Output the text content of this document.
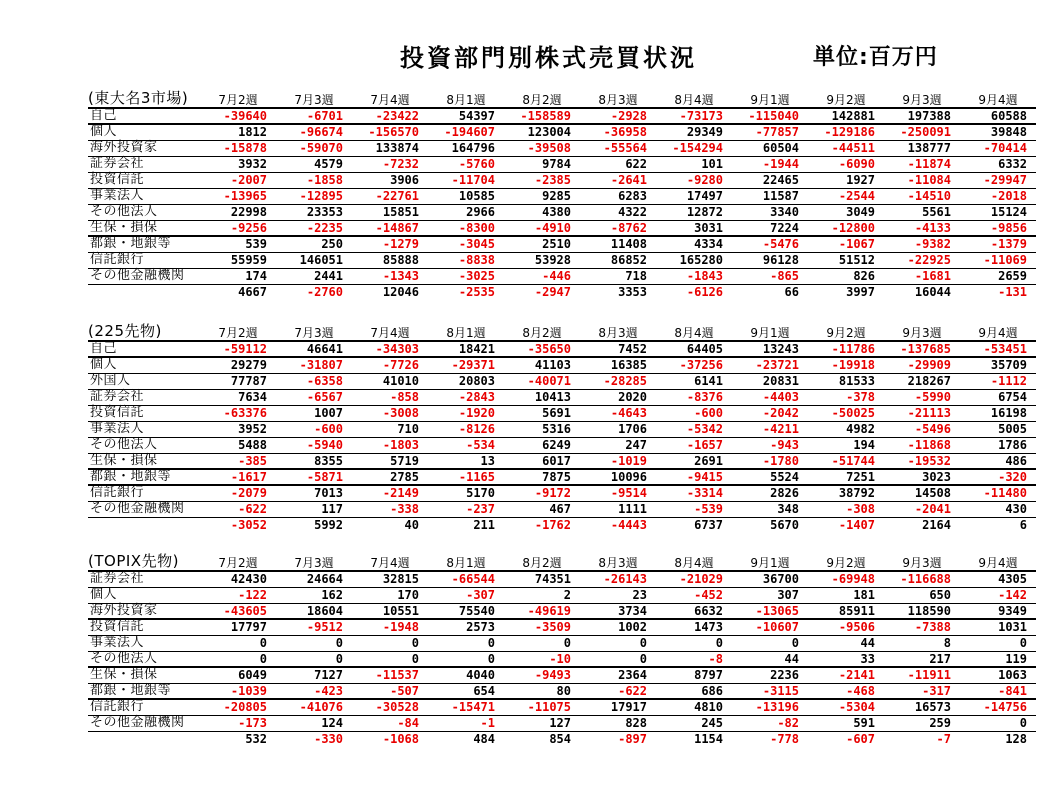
投資部門別株式売買状況	単位:百万円
(東大名3市場)	7月2週	7月3週	7月4週	8月1週	8月2週	8月3週	8月4週	9月1週	9月2週	9月3週	9月4週
自己	-39640	-6701	-23422	54397	-158589	-2928	-73173	-115040	142881	197388	60588
個人	1812	-96674	-156570	-194607	123004	-36958	29349	-77857	-129186	-250091	39848
海外投資家	-15878	-59070	133874	164796	-39508	-55564	-154294	60504	-44511	138777	-70414
証券会社	3932	4579	-7232	-5760	9784	622	101	-1944	-6090	-11874	6332
投資信託	-2007	-1858	3906	-11704	-2385	-2641	-9280	22465	1927	-11084	-29947
事業法人	-13965	-12895	-22761	10585	9285	6283	17497	11587	-2544	-14510	-2018
その他法人	22998	23353	15851	2966	4380	4322	12872	3340	3049	5561	15124
生保・損保	-9256	-2235	-14867	-8300	-4910	-8762	3031	7224	-12800	-4133	-9856
都銀・地銀等	539	250	-1279	-3045	2510	11408	4334	-5476	-1067	-9382	-1379
信託銀行	55959	146051	85888	-8838	53928	86852	165280	96128	51512	-22925	-11069
その他金融機関	174	2441	-1343	-3025	-446	718	-1843	-865	826	-1681	2659
	4667	-2760	12046	-2535	-2947	3353	-6126	66	3997	16044	-131
(225先物)	7月2週	7月3週	7月4週	8月1週	8月2週	8月3週	8月4週	9月1週	9月2週	9月3週	9月4週
自己	-59112	46641	-34303	18421	-35650	7452	64405	13243	-11786	-137685	-53451
個人	29279	-31807	-7726	-29371	41103	16385	-37256	-23721	-19918	-29909	35709
外国人	77787	-6358	41010	20803	-40071	-28285	6141	20831	81533	218267	-1112
証券会社	7634	-6567	-858	-2843	10413	2020	-8376	-4403	-378	-5990	6754
投資信託	-63376	1007	-3008	-1920	5691	-4643	-600	-2042	-50025	-21113	16198
事業法人	3952	-600	710	-8126	5316	1706	-5342	-4211	4982	-5496	5005
その他法人	5488	-5940	-1803	-534	6249	247	-1657	-943	194	-11868	1786
生保・損保	-385	8355	5719	13	6017	-1019	2691	-1780	-51744	-19532	486
都銀・地銀等	-1617	-5871	2785	-1165	7875	10096	-9415	5524	7251	3023	-320
信託銀行	-2079	7013	-2149	5170	-9172	-9514	-3314	2826	38792	14508	-11480
その他金融機関	-622	117	-338	-237	467	1111	-539	348	-308	-2041	430
	-3052	5992	40	211	-1762	-4443	6737	5670	-1407	2164	6
(TOPIX先物)	7月2週	7月3週	7月4週	8月1週	8月2週	8月3週	8月4週	9月1週	9月2週	9月3週	9月4週
証券会社	42430	24664	32815	-66544	74351	-26143	-21029	36700	-69948	-116688	4305
個人	-122	162	170	-307	2	23	-452	307	181	650	-142
海外投資家	-43605	18604	10551	75540	-49619	3734	6632	-13065	85911	118590	9349
投資信託	17797	-9512	-1948	2573	-3509	1002	1473	-10607	-9506	-7388	1031
事業法人	0	0	0	0	0	0	0	0	44	8	0
その他法人	0	0	0	0	-10	0	-8	44	33	217	119
生保・損保	6049	7127	-11537	4040	-9493	2364	8797	2236	-2141	-11911	1063
都銀・地銀等	-1039	-423	-507	654	80	-622	686	-3115	-468	-317	-841
信託銀行	-20805	-41076	-30528	-15471	-11075	17917	4810	-13196	-5304	16573	-14756
その他金融機関	-173	124	-84	-1	127	828	245	-82	591	259	0
	532	-330	-1068	484	854	-897	1154	-778	-607	-7	128
